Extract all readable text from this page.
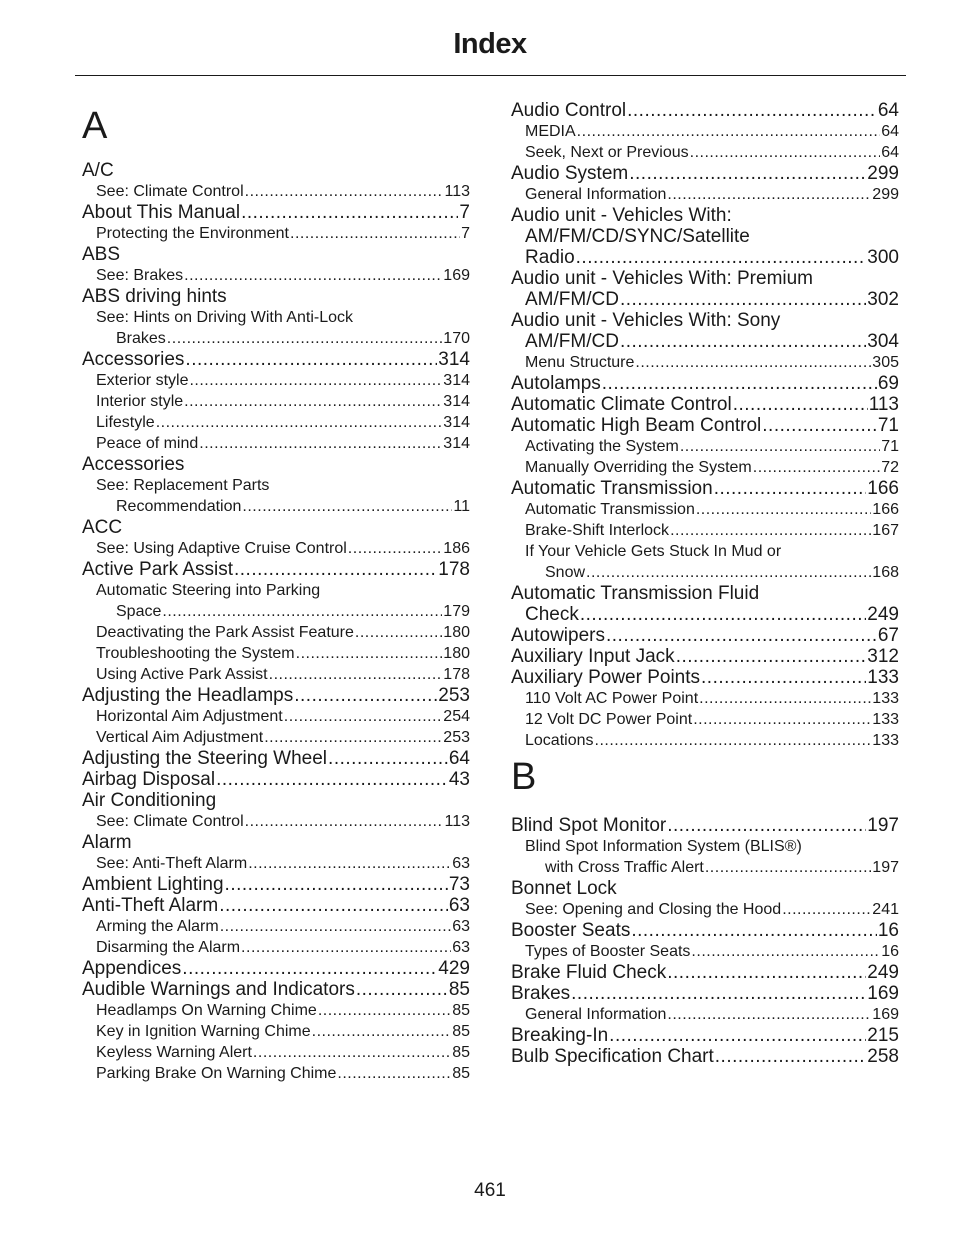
Index
A
A/C
See: Climate Control .....	113
About This Manual .....	7
Protecting the Environment .....	7
ABS
See: Brakes .....	169
ABS driving hints
See: Hints on Driving With Anti-Lock
Brakes .....	170
Accessories .....	314
Exterior style .....	314
Interior style .....	314
Lifestyle .....	314
Peace of mind .....	314
Accessories
See: Replacement Parts
Recommendation .....	11
ACC
See: Using Adaptive Cruise Control .....	186
Active Park Assist .....	178
Automatic Steering into Parking
Space .....	179
Deactivating the Park Assist Feature .....	180
Troubleshooting the System .....	180
Using Active Park Assist .....	178
Adjusting the Headlamps .....	253
Horizontal Aim Adjustment .....	254
Vertical Aim Adjustment .....	253
Adjusting the Steering Wheel .....	64
Airbag Disposal .....	43
Air Conditioning
See: Climate Control .....	113
Alarm
See: Anti-Theft Alarm .....	63
Ambient Lighting .....	73
Anti-Theft Alarm .....	63
Arming the Alarm .....	63
Disarming the Alarm .....	63
Appendices .....	429
Audible Warnings and Indicators .....	85
Headlamps On Warning Chime .....	85
Key in Ignition Warning Chime .....	85
Keyless Warning Alert .....	85
Parking Brake On Warning Chime .....	85
Audio Control .....	64
MEDIA .....	64
Seek, Next or Previous .....	64
Audio System .....	299
General Information .....	299
Audio unit - Vehicles With:
AM/FM/CD/SYNC/Satellite
Radio .....	300
Audio unit - Vehicles With: Premium
AM/FM/CD .....	302
Audio unit - Vehicles With: Sony
AM/FM/CD .....	304
Menu Structure .....	305
Autolamps .....	69
Automatic Climate Control .....	113
Automatic High Beam Control .....	71
Activating the System .....	71
Manually Overriding the System .....	72
Automatic Transmission .....	166
Automatic Transmission .....	166
Brake-Shift Interlock .....	167
If Your Vehicle Gets Stuck In Mud or
Snow .....	168
Automatic Transmission Fluid
Check .....	249
Autowipers .....	67
Auxiliary Input Jack .....	312
Auxiliary Power Points .....	133
110 Volt AC Power Point .....	133
12 Volt DC Power Point .....	133
Locations .....	133
B
Blind Spot Monitor .....	197
Blind Spot Information System (BLIS®)
with Cross Traffic Alert .....	197
Bonnet Lock
See: Opening and Closing the Hood .....	241
Booster Seats .....	16
Types of Booster Seats .....	16
Brake Fluid Check .....	249
Brakes .....	169
General Information .....	169
Breaking-In .....	215
Bulb Specification Chart .....	258
461
